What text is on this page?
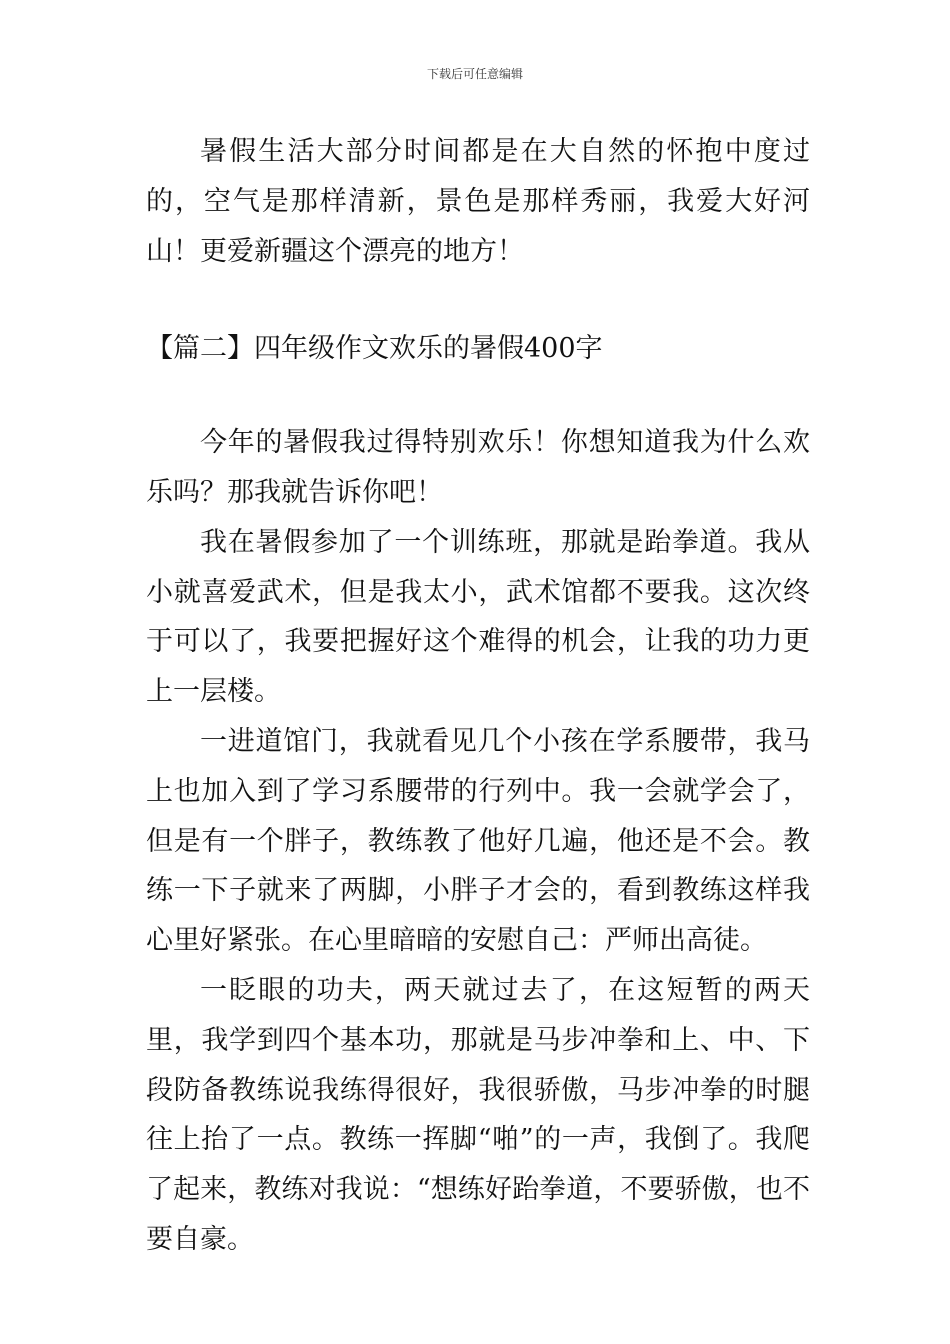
下载后可任意编辑

暑假生活大部分时间都是在大自然的怀抱中度过的，空气是那样清新，景色是那样秀丽，我爱大好河山！更爱新疆这个漂亮的地方！

【篇二】四年级作文欢乐的暑假400字

今年的暑假我过得特别欢乐！你想知道我为什么欢乐吗？那我就告诉你吧！

我在暑假参加了一个训练班，那就是跆拳道。我从小就喜爱武术，但是我太小，武术馆都不要我。这次终于可以了，我要把握好这个难得的机会，让我的功力更上一层楼。

一进道馆门，我就看见几个小孩在学系腰带，我马上也加入到了学习系腰带的行列中。我一会就学会了，但是有一个胖子，教练教了他好几遍，他还是不会。教练一下子就来了两脚，小胖子才会的，看到教练这样我心里好紧张。在心里暗暗的安慰自己：严师出高徒。

一眨眼的功夫，两天就过去了，在这短暂的两天里，我学到四个基本功，那就是马步冲拳和上、中、下段防备教练说我练得很好，我很骄傲，马步冲拳的时腿往上抬了一点。教练一挥脚“啪”的一声，我倒了。我爬了起来，教练对我说：“想练好跆拳道，不要骄傲，也不要自豪。
